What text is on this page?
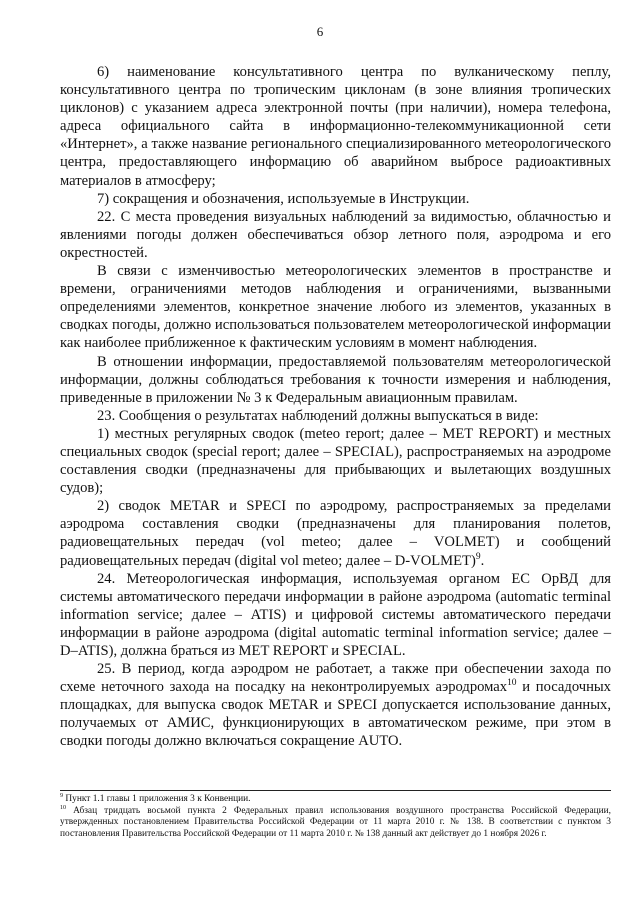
6

6) наименование консультативного центра по вулканическому пеплу, консультативного центра по тропическим циклонам (в зоне влияния тропических циклонов) с указанием адреса электронной почты (при наличии), номера телефона, адреса официального сайта в информационно-телекоммуникационной сети «Интернет», а также название регионального специализированного метеорологического центра, предоставляющего информацию об аварийном выбросе радиоактивных материалов в атмосферу;

7) сокращения и обозначения, используемые в Инструкции.

22. С места проведения визуальных наблюдений за видимостью, облачностью и явлениями погоды должен обеспечиваться обзор летного поля, аэродрома и его окрестностей.

В связи с изменчивостью метеорологических элементов в пространстве и времени, ограничениями методов наблюдения и ограничениями, вызванными определениями элементов, конкретное значение любого из элементов, указанных в сводках погоды, должно использоваться пользователем метеорологической информации как наиболее приближенное к фактическим условиям в момент наблюдения.

В отношении информации, предоставляемой пользователям метеорологической информации, должны соблюдаться требования к точности измерения и наблюдения, приведенные в приложении № 3 к Федеральным авиационным правилам.

23. Сообщения о результатах наблюдений должны выпускаться в виде:

1) местных регулярных сводок (meteo report; далее – MET REPORT) и местных специальных сводок (special report; далее – SPECIAL), распространяемых на аэродроме составления сводки (предназначены для прибывающих и вылетающих воздушных судов);

2) сводок METAR и SPECI по аэродрому, распространяемых за пределами аэродрома составления сводки (предназначены для планирования полетов, радиовещательных передач (vol meteo; далее – VOLMET) и сообщений радиовещательных передач (digital vol meteo; далее – D-VOLMET)$^9$.

24. Метеорологическая информация, используемая органом ЕС ОрВД для системы автоматического передачи информации в районе аэродрома (automatic terminal information service; далее – ATIS) и цифровой системы автоматического передачи информации в районе аэродрома (digital automatic terminal information service; далее – D–ATIS), должна браться из MET REPORT и SPECIAL.

25. В период, когда аэродром не работает, а также при обеспечении захода по схеме неточного захода на посадку на неконтролируемых аэродромах$^{10}$ и посадочных площадках, для выпуска сводок METAR и SPECI допускается использование данных, получаемых от АМИС, функционирующих в автоматическом режиме, при этом в сводки погоды должно включаться сокращение AUTO.

$^9$ Пункт 1.1 главы 1 приложения 3 к Конвенции.

$^{10}$ Абзац тридцать восьмой пункта 2 Федеральных правил использования воздушного пространства Российской Федерации, утвержденных постановлением Правительства Российской Федерации от 11 марта 2010 г. № 138. В соответствии с пунктом 3 постановления Правительства Российской Федерации от 11 марта 2010 г. № 138 данный акт действует до 1 ноября 2026 г.
